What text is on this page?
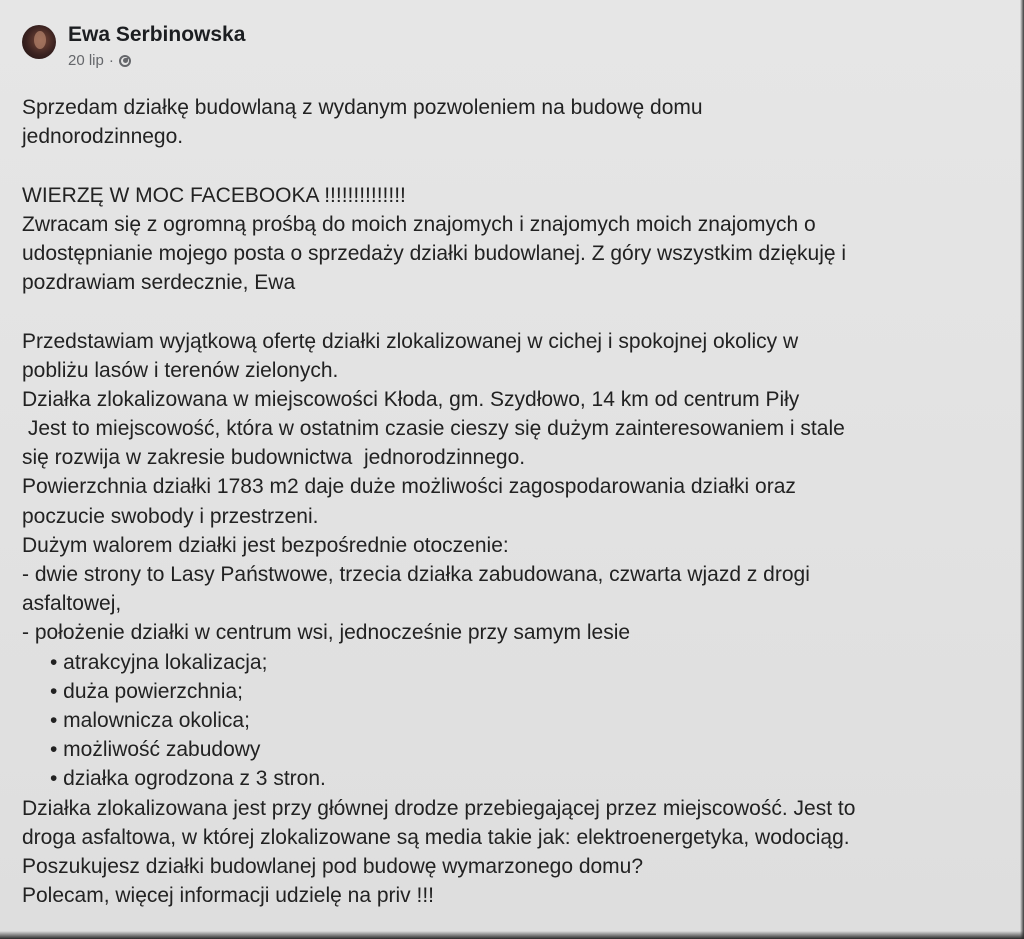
Ewa Serbinowska
20 lip ·
Sprzedam działkę budowlaną z wydanym pozwoleniem na budowę domu
jednorodzinnego.
WIERZĘ W MOC FACEBOOKA !!!!!!!!!!!!!!
Zwracam się z ogromną prośbą do moich znajomych i znajomych moich znajomych o
udostępnianie mojego posta o sprzedaży działki budowlanej. Z góry wszystkim dziękuję i
pozdrawiam serdecznie, Ewa
Przedstawiam wyjątkową ofertę działki zlokalizowanej w cichej i spokojnej okolicy w
pobliżu lasów i terenów zielonych.
Działka zlokalizowana w miejscowości Kłoda, gm. Szydłowo, 14 km od centrum Piły
Jest to miejscowość, która w ostatnim czasie cieszy się dużym zainteresowaniem i stale
się rozwija w zakresie budownictwa  jednorodzinnego.
Powierzchnia działki 1783 m2 daje duże możliwości zagospodarowania działki oraz
poczucie swobody i przestrzeni.
Dużym walorem działki jest bezpośrednie otoczenie:
- dwie strony to Lasy Państwowe, trzecia działka zabudowana, czwarta wjazd z drogi
asfaltowej,
- położenie działki w centrum wsi, jednocześnie przy samym lesie
• atrakcyjna lokalizacja;
• duża powierzchnia;
• malownicza okolica;
• możliwość zabudowy
• działka ogrodzona z 3 stron.
Działka zlokalizowana jest przy głównej drodze przebiegającej przez miejscowość. Jest to
droga asfaltowa, w której zlokalizowane są media takie jak: elektroenergetyka, wodociąg.
Poszukujesz działki budowlanej pod budowę wymarzonego domu?
Polecam, więcej informacji udzielę na priv !!!
